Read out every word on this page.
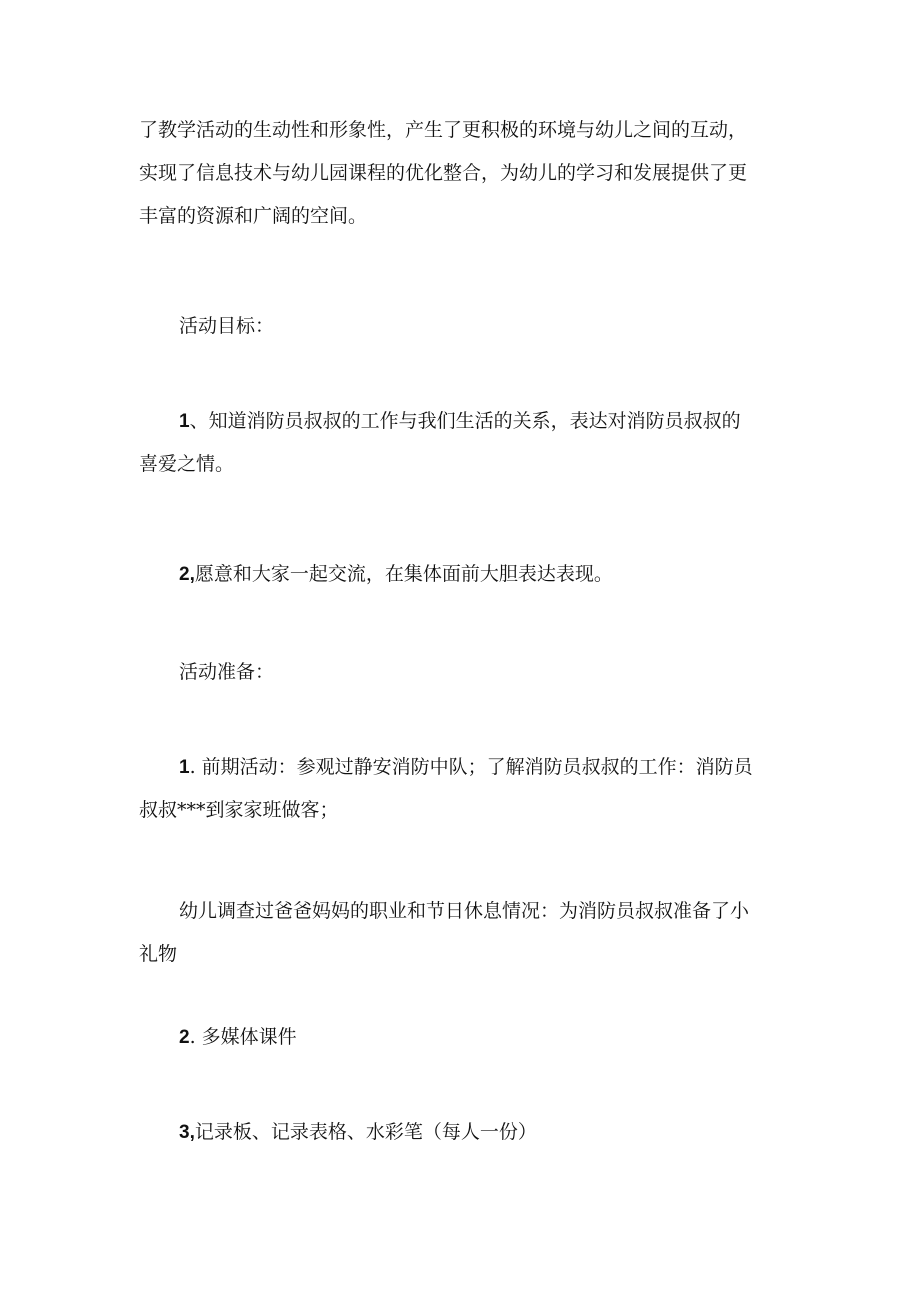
了教学活动的生动性和形象性，产生了更积极的环境与幼儿之间的互动，
实现了信息技术与幼儿园课程的优化整合，为幼儿的学习和发展提供了更
丰富的资源和广阔的空间。

活动目标：

1、知道消防员叔叔的工作与我们生活的关系，表达对消防员叔叔的
喜爱之情。

2,愿意和大家一起交流，在集体面前大胆表达表现。

活动准备：

1. 前期活动：参观过静安消防中队；了解消防员叔叔的工作：消防员
叔叔***到家家班做客；

幼儿调查过爸爸妈妈的职业和节日休息情况：为消防员叔叔准备了小
礼物

2. 多媒体课件

3,记录板、记录表格、水彩笔（每人一份）
